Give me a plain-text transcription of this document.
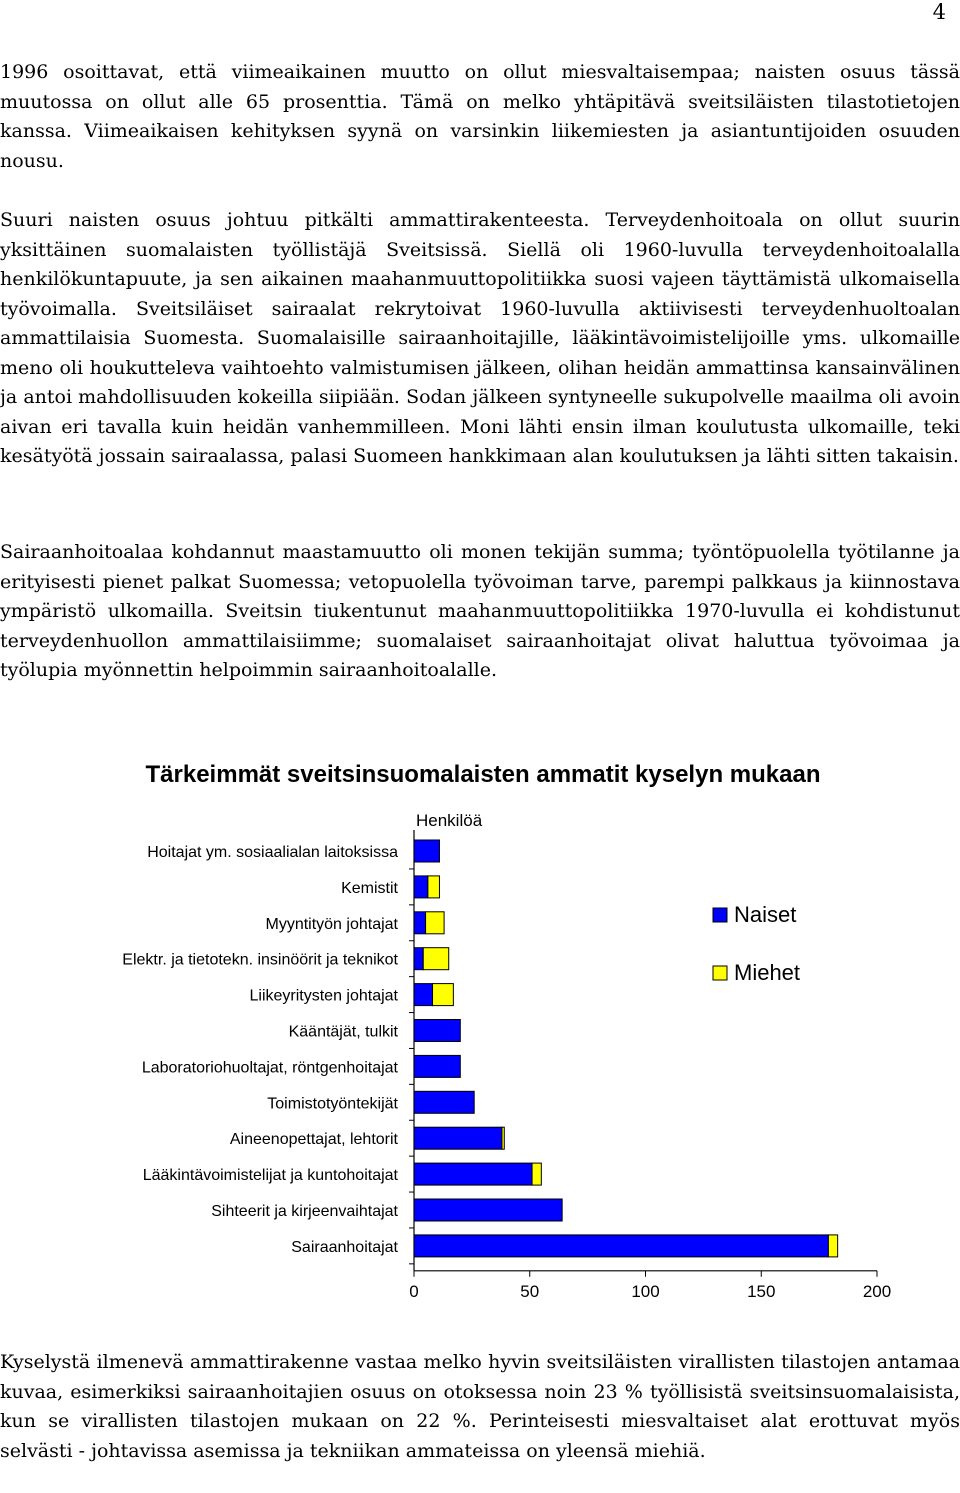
4

1996 osoittavat, että viimeaikainen muutto on ollut miesvaltaisempaa; naisten osuus tässä muutossa on ollut alle 65 prosenttia. Tämä on melko yhtäpitävä sveitsiläisten tilastotietojen kanssa. Viimeaikaisen kehityksen syynä on varsinkin liikemiesten ja asiantuntijoiden osuuden nousu.

Suuri naisten osuus johtuu pitkälti ammattirakenteesta. Terveydenhoitoala on ollut suurin yksittäinen suomalaisten työllistäjä Sveitsissä. Siellä oli 1960-luvulla terveydenhoitoalalla henkilökuntapuute, ja sen aikainen maahanmuuttopolitiikka suosi vajeen täyttämistä ulkomaisella työvoimalla. Sveitsiläiset sairaalat rekrytoivat 1960-luvulla aktiivisesti terveydenhuoltoalan ammattilaisia Suomesta. Suomalaisille sairaanhoitajille, lääkintävoimistelijoille yms. ulkomaille meno oli houkutteleva vaihtoehto valmistumisen jälkeen, olihan heidän ammattinsa kansainvälinen ja antoi mahdollisuuden kokeilla siipiään. Sodan jälkeen syntyneelle sukupolvelle maailma oli avoin aivan eri tavalla kuin heidän vanhemmilleen. Moni lähti ensin ilman koulutusta ulkomaille, teki kesätyötä jossain sairaalassa, palasi Suomeen hankkimaan alan koulutuksen ja lähti sitten takaisin.

Sairaanhoitoalaa kohdannut maastamuutto oli monen tekijän summa; työntöpuolella työtilanne ja erityisesti pienet palkat Suomessa; vetopuolella työvoiman tarve, parempi palkkaus ja kiinnostava ympäristö ulkomailla. Sveitsin tiukentunut maahanmuuttopolitiikka 1970-luvulla ei kohdistunut terveydenhuollon ammattilaisiimme; suomalaiset sairaanhoitajat olivat haluttua työvoimaa ja työlupia myönnettin helpoimmin sairaanhoitoalalle.

Tärkeimmät sveitsinsuomalaisten ammatit kyselyn mukaan
Henkilöä
Hoitajat ym. sosiaalialan laitoksissa
Kemistit
Myyntityön johtajat
Elektr. ja tietotekn. insinöörit ja teknikot
Liikeyritysten johtajat
Kääntäjät, tulkit
Laboratoriohuoltajat, röntgenhoitajat
Toimistotyöntekijät
Aineenopettajat, lehtorit
Lääkintävoimistelijat ja kuntohoitajat
Sihteerit ja kirjeenvaihtajat
Sairaanhoitajat
0	50	100	150	200
Naiset
Miehet

Kyselystä ilmenevä ammattirakenne vastaa melko hyvin sveitsiläisten virallisten tilastojen antamaa kuvaa, esimerkiksi sairaanhoitajien osuus on otoksessa noin 23 % työllisistä sveitsinsuomalaisista, kun se virallisten tilastojen mukaan on 22 %. Perinteisesti miesvaltaiset alat erottuvat myös selvästi - johtavissa asemissa ja tekniikan ammateissa on yleensä miehiä.
